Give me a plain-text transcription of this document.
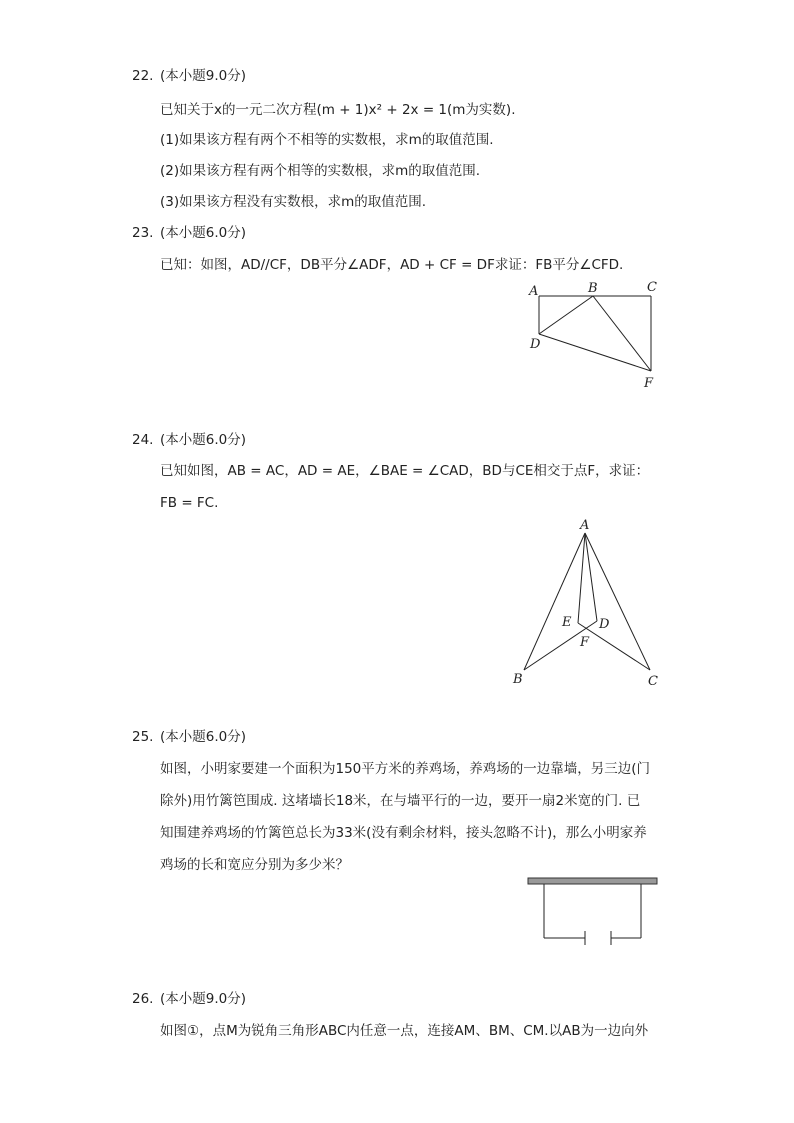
22. (本小题9.0分)
已知关于x的一元二次方程(m + 1)x² + 2x = 1(m为实数).
(1)如果该方程有两个不相等的实数根，求m的取值范围.
(2)如果该方程有两个相等的实数根，求m的取值范围.
(3)如果该方程没有实数根，求m的取值范围.
23. (本小题6.0分)
已知：如图，AD//CF，DB平分∠ADF，AD + CF = DF求证：FB平分∠CFD.
A	B	C
D
F
24. (本小题6.0分)
已知如图，AB = AC，AD = AE，∠BAE = ∠CAD，BD与CE相交于点F，求证：
FB = FC.
A
E D
F
B	C
25. (本小题6.0分)
如图，小明家要建一个面积为150平方米的养鸡场，养鸡场的一边靠墙，另三边(门
除外)用竹篱笆围成. 这堵墙长18米，在与墙平行的一边，要开一扇2米宽的门. 已
知围建养鸡场的竹篱笆总长为33米(没有剩余材料，接头忽略不计)，那么小明家养
鸡场的长和宽应分别为多少米？
26. (本小题9.0分)
如图①，点M为锐角三角形ABC内任意一点，连接AM、BM、CM.以AB为一边向外
